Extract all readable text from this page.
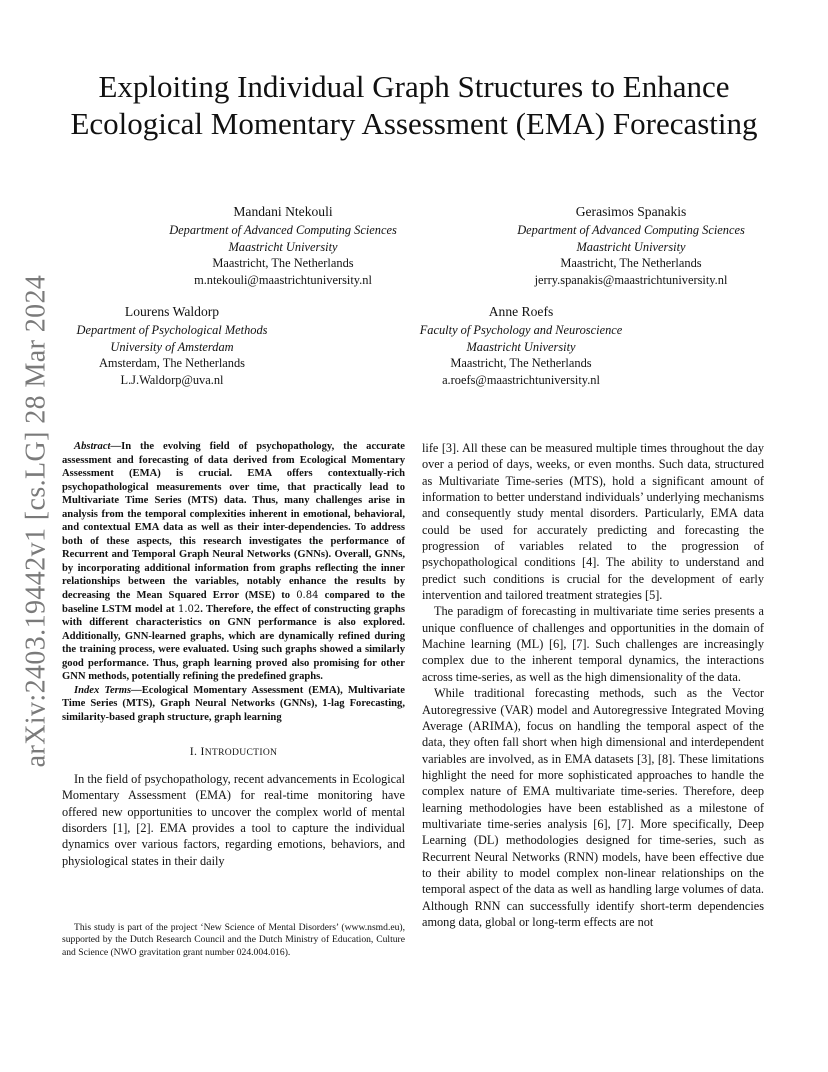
arXiv:2403.19442v1 [cs.LG] 28 Mar 2024
Exploiting Individual Graph Structures to Enhance Ecological Momentary Assessment (EMA) Forecasting
Mandani Ntekouli
Department of Advanced Computing Sciences
Maastricht University
Maastricht, The Netherlands
m.ntekouli@maastrichtuniversity.nl
Gerasimos Spanakis
Department of Advanced Computing Sciences
Maastricht University
Maastricht, The Netherlands
jerry.spanakis@maastrichtuniversity.nl
Lourens Waldorp
Department of Psychological Methods
University of Amsterdam
Amsterdam, The Netherlands
L.J.Waldorp@uva.nl
Anne Roefs
Faculty of Psychology and Neuroscience
Maastricht University
Maastricht, The Netherlands
a.roefs@maastrichtuniversity.nl

Abstract—In the evolving field of psychopathology, the accurate assessment and forecasting of data derived from Ecological Momentary Assessment (EMA) is crucial. EMA offers contextually-rich psychopathological measurements over time, that practically lead to Multivariate Time Series (MTS) data. Thus, many challenges arise in analysis from the temporal complexities inherent in emotional, behavioral, and contextual EMA data as well as their inter-dependencies. To address both of these aspects, this research investigates the performance of Recurrent and Temporal Graph Neural Networks (GNNs). Overall, GNNs, by incorporating additional information from graphs reflecting the inner relationships between the variables, notably enhance the results by decreasing the Mean Squared Error (MSE) to 0.84 compared to the baseline LSTM model at 1.02. Therefore, the effect of constructing graphs with different characteristics on GNN performance is also explored. Additionally, GNN-learned graphs, which are dynamically refined during the training process, were evaluated. Using such graphs showed a similarly good performance. Thus, graph learning proved also promising for other GNN methods, potentially refining the predefined graphs.

Index Terms—Ecological Momentary Assessment (EMA), Multivariate Time Series (MTS), Graph Neural Networks (GNNs), 1-lag Forecasting, similarity-based graph structure, graph learning

I. INTRODUCTION

In the field of psychopathology, recent advancements in Ecological Momentary Assessment (EMA) for real-time monitoring have offered new opportunities to uncover the complex world of mental disorders [1], [2]. EMA provides a tool to capture the individual dynamics over various factors, regarding emotions, behaviors, and physiological states in their daily

This study is part of the project ‘New Science of Mental Disorders’ (www.nsmd.eu), supported by the Dutch Research Council and the Dutch Ministry of Education, Culture and Science (NWO gravitation grant number 024.004.016).

life [3]. All these can be measured multiple times throughout the day over a period of days, weeks, or even months. Such data, structured as Multivariate Time-series (MTS), hold a significant amount of information to better understand individuals’ underlying mechanisms and consequently study mental disorders. Particularly, EMA data could be used for accurately predicting and forecasting the progression of variables related to the progression of psychopathological conditions [4]. The ability to understand and predict such conditions is crucial for the development of early intervention and tailored treatment strategies [5].

The paradigm of forecasting in multivariate time series presents a unique confluence of challenges and opportunities in the domain of Machine learning (ML) [6], [7]. Such challenges are increasingly complex due to the inherent temporal dynamics, the interactions across time-series, as well as the high dimensionality of the data.

While traditional forecasting methods, such as the Vector Autoregressive (VAR) model and Autoregressive Integrated Moving Average (ARIMA), focus on handling the temporal aspect of the data, they often fall short when high dimensional and interdependent variables are involved, as in EMA datasets [3], [8]. These limitations highlight the need for more sophisticated approaches to handle the complex nature of EMA multivariate time-series. Therefore, deep learning methodologies have been established as a milestone of multivariate time-series analysis [6], [7]. More specifically, Deep Learning (DL) methodologies designed for time-series, such as Recurrent Neural Networks (RNN) models, have been effective due to their ability to model complex non-linear relationships on the temporal aspect of the data as well as handling large volumes of data. Although RNN can successfully identify short-term dependencies among data, global or long-term effects are not
